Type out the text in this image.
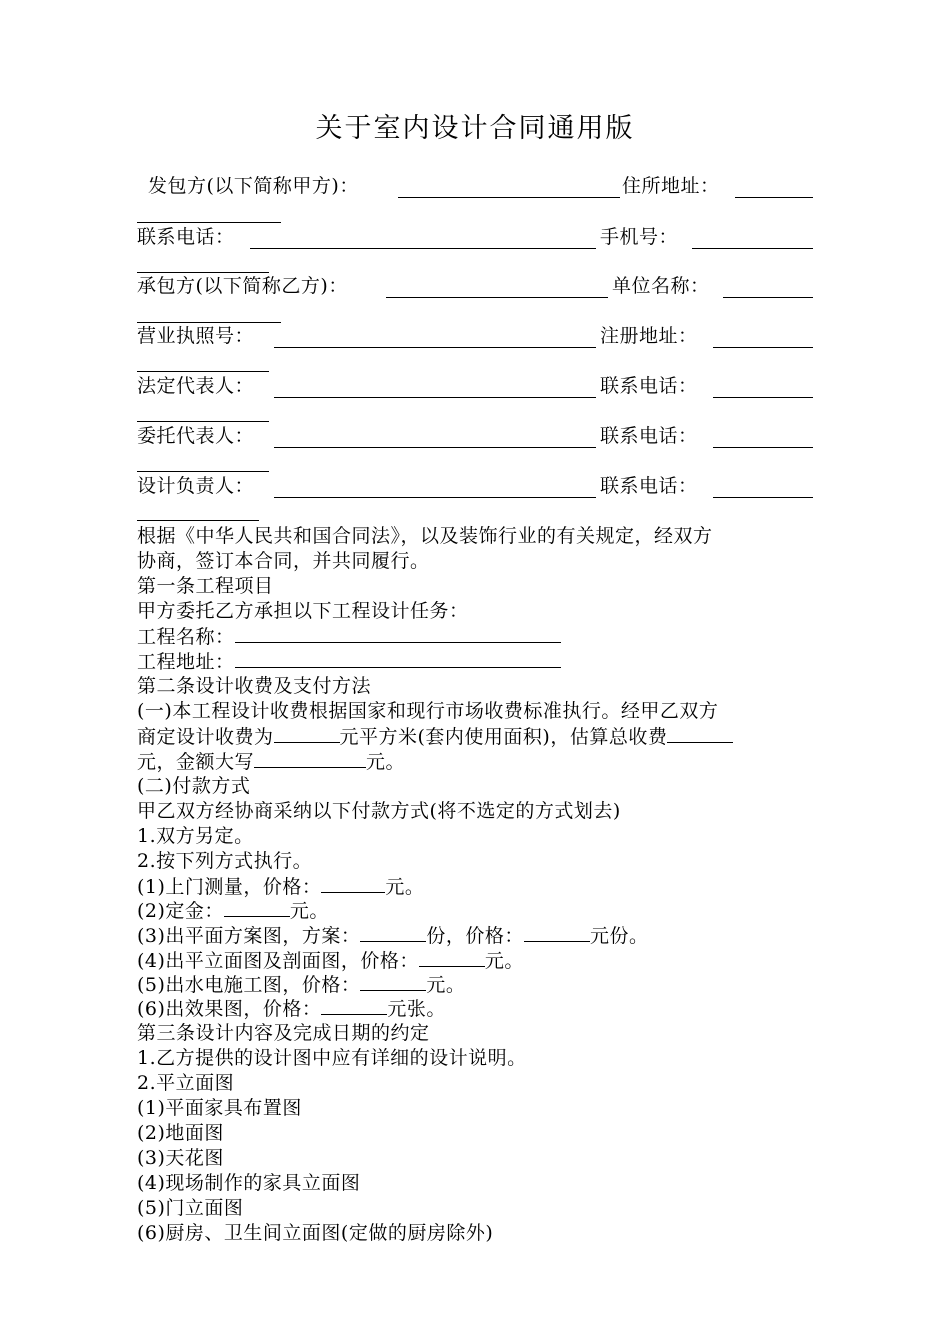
关于室内设计合同通用版
发包方(以下简称甲方)：	住所地址：
联系电话：	手机号：
承包方(以下简称乙方)：	单位名称：
营业执照号：	注册地址：
法定代表人：	联系电话：
委托代表人：	联系电话：
设计负责人：	联系电话：
根据《中华人民共和国合同法》，以及装饰行业的有关规定，经双方
协商，签订本合同，并共同履行。
第一条工程项目
甲方委托乙方承担以下工程设计任务：
工程名称：
工程地址：
第二条设计收费及支付方法
(一)本工程设计收费根据国家和现行市场收费标准执行。经甲乙双方
商定设计收费为	元平方米(套内使用面积)，估算总收费
元，金额大写	元。
(二)付款方式
甲乙双方经协商采纳以下付款方式(将不选定的方式划去)
1.双方另定。
2.按下列方式执行。
(1)上门测量，价格：	元。
(2)定金：	元。
(3)出平面方案图，方案：	份，价格：	元份。
(4)出平立面图及剖面图，价格：	元。
(5)出水电施工图，价格：	元。
(6)出效果图，价格：	元张。
第三条设计内容及完成日期的约定
1.乙方提供的设计图中应有详细的设计说明。
2.平立面图
(1)平面家具布置图
(2)地面图
(3)天花图
(4)现场制作的家具立面图
(5)门立面图
(6)厨房、卫生间立面图(定做的厨房除外)
